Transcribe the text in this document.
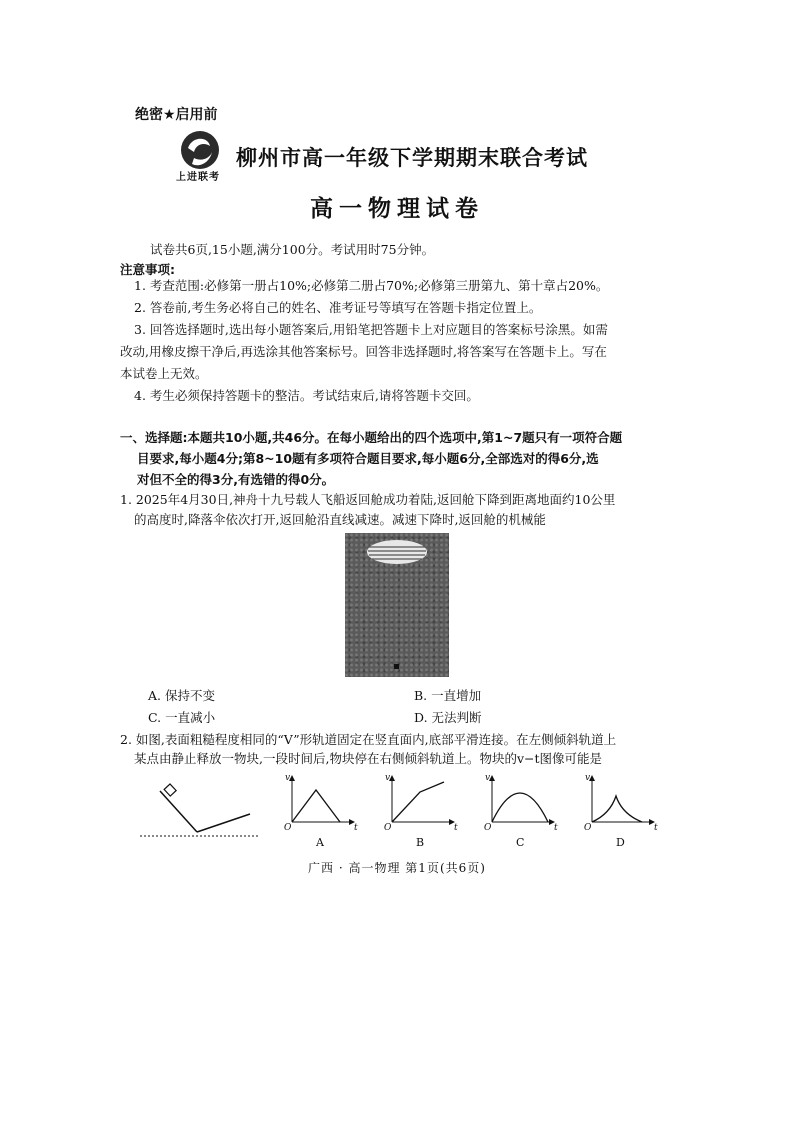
绝密★启用前
上进联考
柳州市高一年级下学期期末联合考试
高一物理试卷
试卷共6页,15小题,满分100分。考试用时75分钟。
注意事项:
1. 考查范围:必修第一册占10%;必修第二册占70%;必修第三册第九、第十章占20%。
2. 答卷前,考生务必将自己的姓名、准考证号等填写在答题卡指定位置上。
3. 回答选择题时,选出每小题答案后,用铅笔把答题卡上对应题目的答案标号涂黑。如需
改动,用橡皮擦干净后,再选涂其他答案标号。回答非选择题时,将答案写在答题卡上。写在
本试卷上无效。
4. 考生必须保持答题卡的整洁。考试结束后,请将答题卡交回。
一、选择题:本题共10小题,共46分。在每小题给出的四个选项中,第1~7题只有一项符合题
目要求,每小题4分;第8~10题有多项符合题目要求,每小题6分,全部选对的得6分,选
对但不全的得3分,有选错的得0分。
1. 2025年4月30日,神舟十九号载人飞船返回舱成功着陆,返回舱下降到距离地面约10公里
的高度时,降落伞依次打开,返回舱沿直线减速。减速下降时,返回舱的机械能
A. 保持不变	B. 一直增加
C. 一直减小	D. 无法判断
2. 如图,表面粗糙程度相同的“V”形轨道固定在竖直面内,底部平滑连接。在左侧倾斜轨道上
某点由静止释放一物块,一段时间后,物块停在右侧倾斜轨道上。物块的v−t图像可能是
v
t
O
v
t
O
v
t
O
v
t
O
A	B	C	D
广西 · 高一物理 第1页(共6页)
